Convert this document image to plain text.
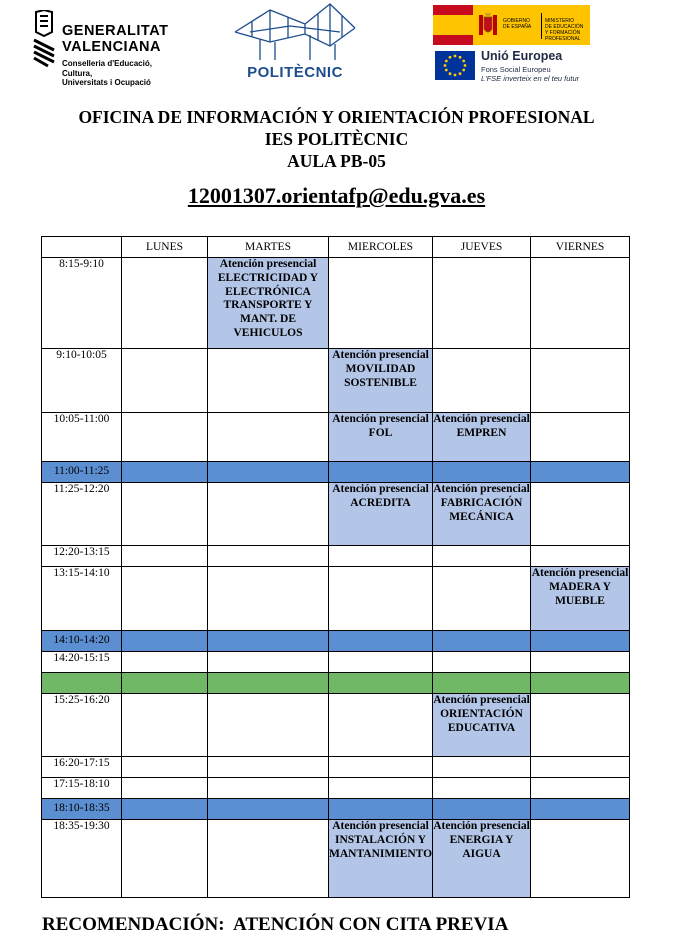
GENERALITAT
VALENCIANA
Conselleria d'Educació, Cultura,
Universitats i Ocupació
POLITÈCNIC
GOBIERNO
DE ESPAÑA
MINISTERIO
DE EDUCACIÓN
Y FORMACIÓN PROFESIONAL
Unió Europea
Fons Social Europeu
L'FSE inverteix en el teu futur
OFICINA DE INFORMACIÓN Y ORIENTACIÓN PROFESIONAL
IES POLITÈCNIC
AULA PB-05
12001307.orientafp@edu.gva.es
	LUNES	MARTES	MIERCOLES	JUEVES	VIERNES
8:15-9:10		Atención presencial ELECTRICIDAD Y ELECTRÓNICA TRANSPORTE Y MANT. DE VEHICULOS			
9:10-10:05			Atención presencial MOVILIDAD SOSTENIBLE		
10:05-11:00			Atención presencial FOL	Atención presencial EMPREN	
11:00-11:25					
11:25-12:20			Atención presencial ACREDITA	Atención presencial FABRICACIÓN MECÁNICA	
12:20-13:15					
13:15-14:10					Atención presencial MADERA Y MUEBLE
14:10-14:20					
14:20-15:15					

15:25-16:20				Atención presencial ORIENTACIÓN EDUCATIVA	
16:20-17:15					
17:15-18:10					
18:10-18:35					
18:35-19:30			Atención presencial INSTALACIÓN Y MANTANIMIENTO	Atención presencial ENERGIA Y AIGUA	
RECOMENDACIÓN:  ATENCIÓN CON CITA PREVIA
